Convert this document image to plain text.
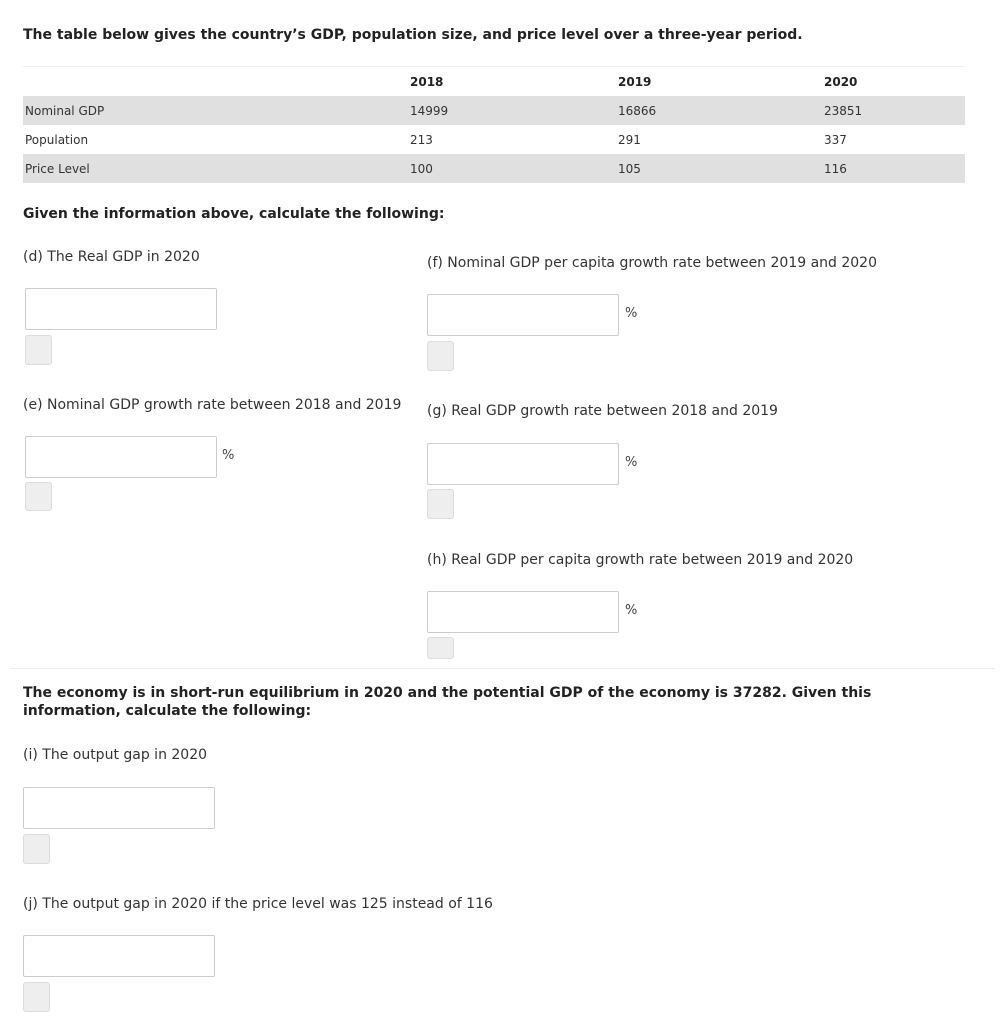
The table below gives the country’s GDP, population size, and price level over a three-year period.
	2018	2019	2020
Nominal GDP	14999	16866	23851
Population	213	291	337
Price Level	100	105	116
Given the information above, calculate the following:
(d) The Real GDP in 2020
(e) Nominal GDP growth rate between 2018 and 2019
%
(f) Nominal GDP per capita growth rate between 2019 and 2020
%
(g) Real GDP growth rate between 2018 and 2019
%
(h) Real GDP per capita growth rate between 2019 and 2020
%
The economy is in short-run equilibrium in 2020 and the potential GDP of the economy is 37282. Given this information, calculate the following:
(i) The output gap in 2020
(j) The output gap in 2020 if the price level was 125 instead of 116
